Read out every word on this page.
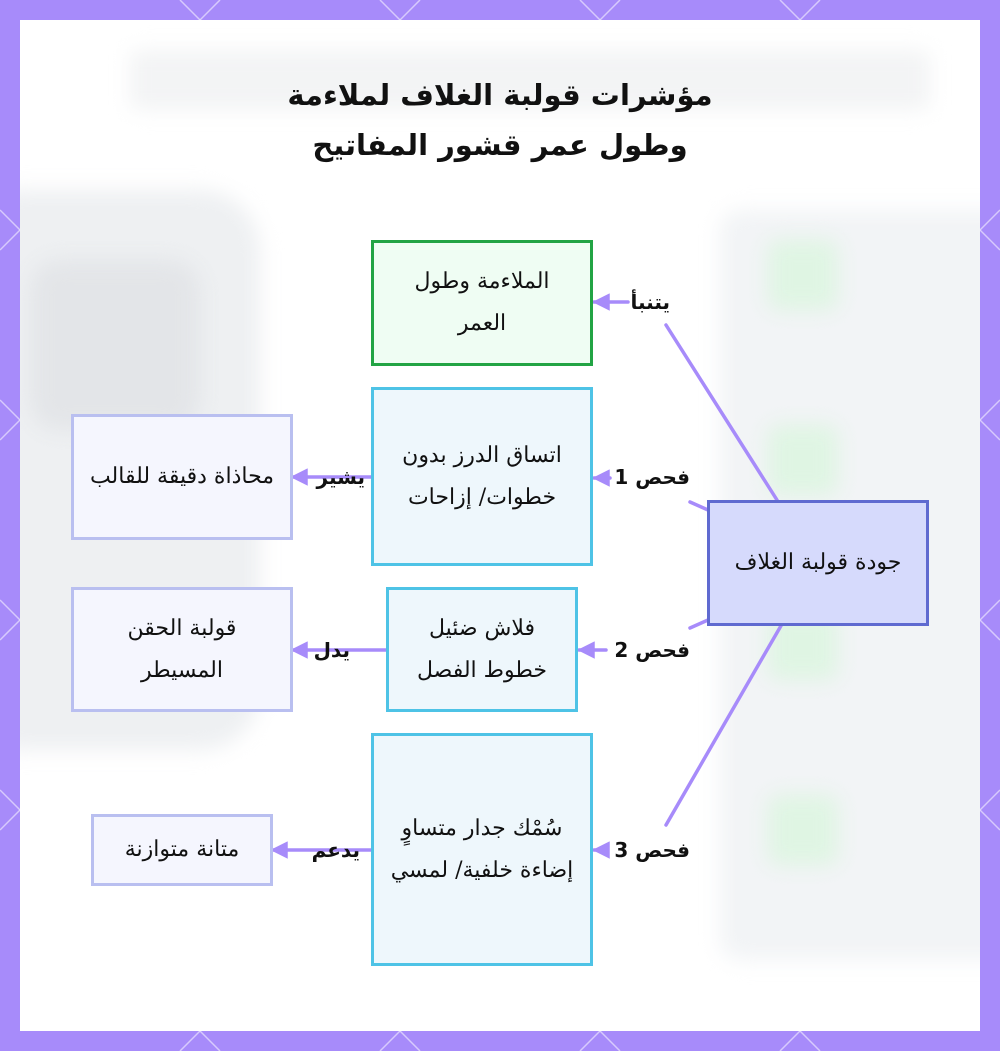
مؤشرات قولبة الغلاف لملاءمة
وطول عمر قشور المفاتيح
الملاءمة وطول العمر
اتساق الدرز بدون خطوات/ إزاحات
فلاش ضئيل خطوط الفصل
سُمْك جدار متساوٍ إضاءة خلفية/ لمسي
محاذاة دقيقة للقالب
قولبة الحقن المسيطر
متانة متوازنة
جودة قولبة الغلاف
يتنبأ
فحص 1
فحص 2
فحص 3
يشير
يدل
يدعم
